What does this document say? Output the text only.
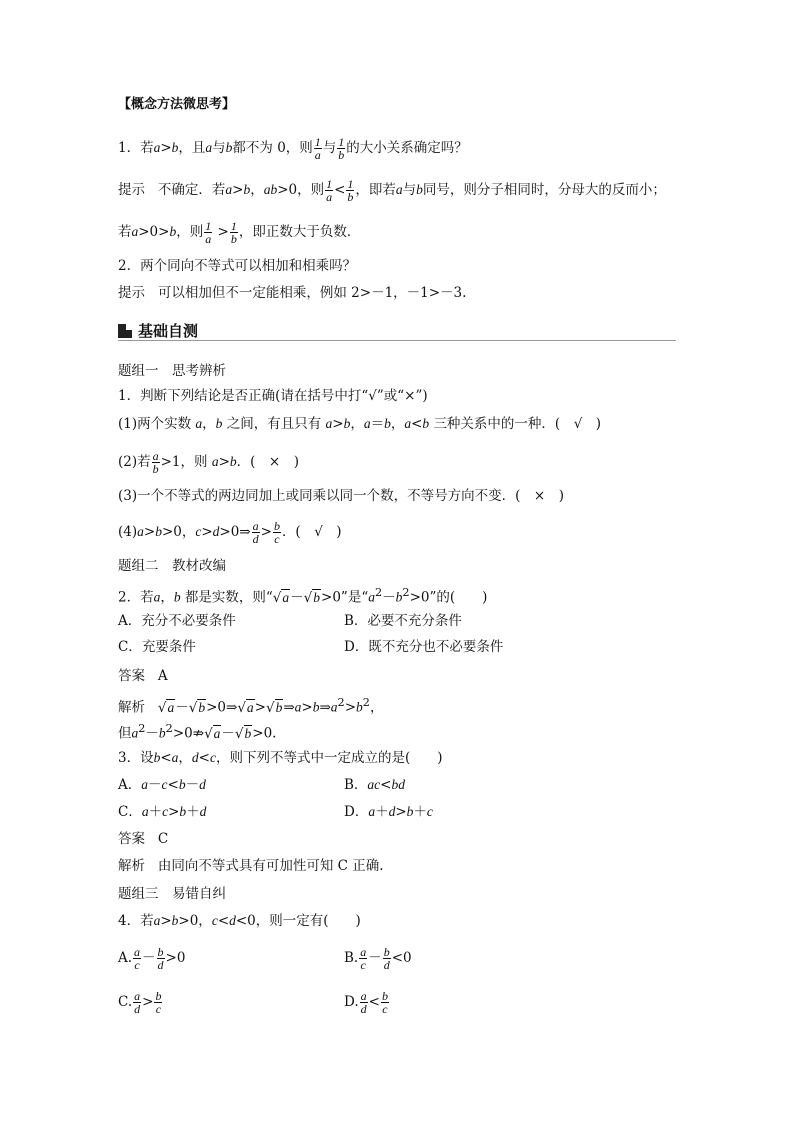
【概念方法微思考】
1．若a>b，且a与b都不为 0，则 $\frac{1}{a}$ 与 $\frac{1}{b}$ 的大小关系确定吗？
提示 不确定．若a>b，ab>0，则 $\frac{1}{a} < \frac{1}{b}$ ，即若a与b同号，则分子相同时，分母大的反而小；
若a>0>b，则 $\frac{1}{a} > \frac{1}{b}$ ，即正数大于负数．
2．两个同向不等式可以相加和相乘吗？
提示 可以相加但不一定能相乘，例如 2>－1，－1>－3.
基础自测
题组一　思考辨析
1．判断下列结论是否正确(请在括号中打“√”或“×”)
(1)两个实数 a，b 之间，有且只有 a>b，a＝b，a<b 三种关系中的一种．(　√　)
(2)若 $\frac{a}{b} >1$，则 a>b．(　×　)
(3)一个不等式的两边同加上或同乘以同一个数，不等号方向不变．(　×　)
(4)a>b>0，c>d>0⇒ $\frac{a}{d} > \frac{b}{c}$ ．(　√　)
题组二　教材改编
2．若a，b 都是实数，则“√a－√b>0”是“$a^2-b^2>0$”的(　　)
A．充分不必要条件	B．必要不充分条件
C．充要条件	D．既不充分也不必要条件
答案 A
解析 $√a-√b>0\Rightarrow√a>√b\Rightarrow a>b\Rightarrow a^2>b^2$，
但$a^2-b^2>0⇏√a-√b>0$.
3．设b<a，d<c，则下列不等式中一定成立的是(　　)
A．a－c<b－d	B．ac<bd
C．a＋c>b＋d	D．a＋d>b＋c
答案 C
解析 由同向不等式具有可加性可知 C 正确.
题组三　易错自纠
4．若a>b>0，c<d<0，则一定有(　　)
A. $\frac{a}{c} - \frac{b}{d} >0$	B. $\frac{a}{c} - \frac{b}{d} <0$
C. $\frac{a}{d} > \frac{b}{c}$	D. $\frac{a}{d} < \frac{b}{c}$
